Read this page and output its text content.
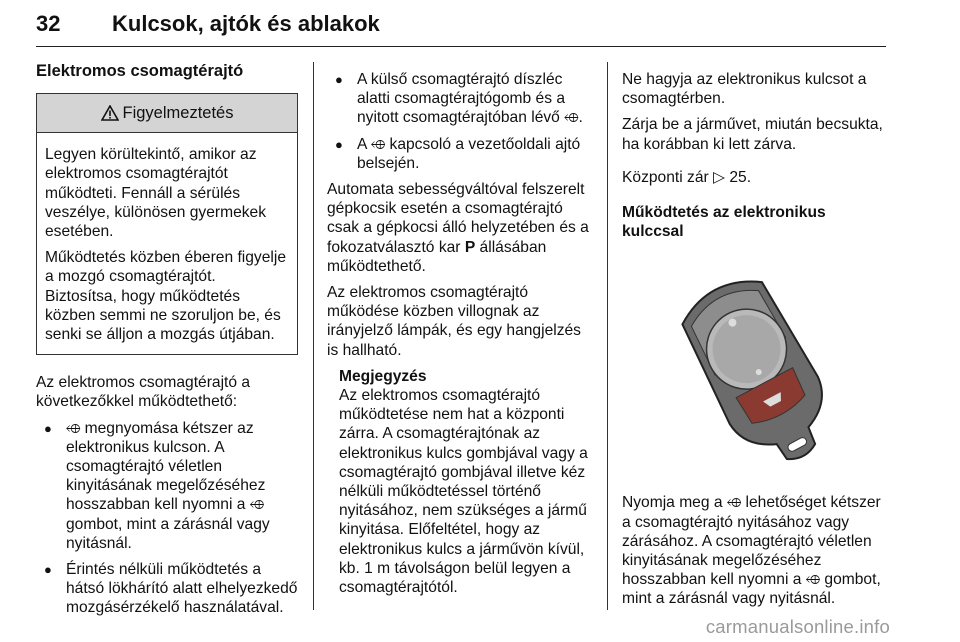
32 Kulcsok, ajtók és ablakok
Elektromos csomagtérajtó
Figyelmeztetés

Legyen körültekintő, amikor az elektromos csomagtérajtót működteti. Fennáll a sérülés veszélye, különösen gyermekek esetében.

Működtetés közben éberen figyelje a mozgó csomagtérajtót. Biztosítsa, hogy működtetés közben semmi ne szoruljon be, és senki se álljon a mozgás útjában.

Az elektromos csomagtérajtó a következőkkel működtethető:

● ⬲ megnyomása kétszer az elektronikus kulcson. A csomagtérajtó véletlen kinyitásának megelőzéséhez hosszabban kell nyomni a ⬲ gombot, mint a zárásnál vagy nyitásnál.
● Érintés nélküli működtetés a hátsó lökhárító alatt elhelyezkedő mozgásérzékelő használatával.
● A külső csomagtérajtó díszléc alatti csomagtérajtógomb és a nyitott csomagtérajtóban lévő ⬲.
● A ⬲ kapcsoló a vezetőoldali ajtó belsején.

Automata sebességváltóval felszerelt gépkocsik esetén a csomagtérajtó csak a gépkocsi álló helyzetében és a fokozatválasztó kar P állásában működtethető.

Az elektromos csomagtérajtó működése közben villognak az irányjelző lámpák, és egy hangjelzés is hallható.

Megjegyzés
Az elektromos csomagtérajtó működtetése nem hat a központi zárra. A csomagtérajtónak az elektronikus kulcs gombjával vagy a csomagtérajtó gombjával illetve kéz nélküli működtetéssel történő nyitásához, nem szükséges a jármű kinyitása. Előfeltétel, hogy az elektronikus kulcs a járművön kívül, kb. 1 m távolságon belül legyen a csomagtérajtótól.

Ne hagyja az elektronikus kulcsot a csomagtérben.

Zárja be a járművet, miután becsukta, ha korábban ki lett zárva.

Központi zár ▷ 25.

Működtetés az elektronikus kulccsal

Nyomja meg a ⬲ lehetőséget kétszer a csomagtérajtó nyitásához vagy zárásához. A csomagtérajtó véletlen kinyitásának megelőzéséhez hosszabban kell nyomni a ⬲ gombot, mint a zárásnál vagy nyitásnál.

carmanualsonline.info
